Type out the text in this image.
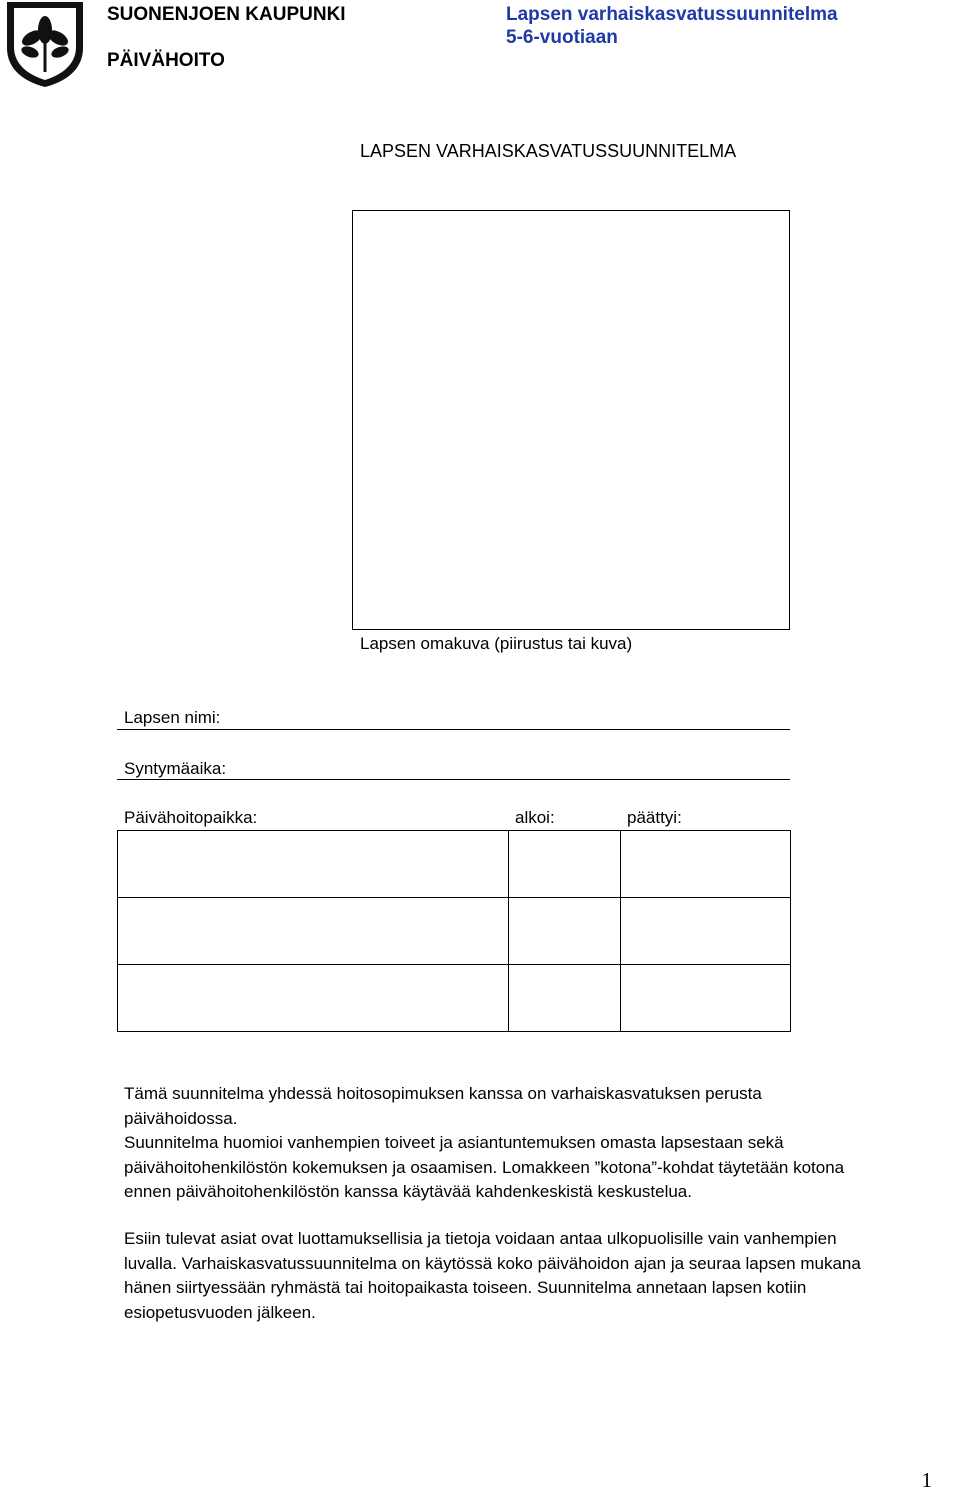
SUONENJOEN KAUPUNKI
PÄIVÄHOITO
Lapsen varhaiskasvatussuunnitelma
5-6-vuotiaan
LAPSEN VARHAISKASVATUSSUUNNITELMA
Lapsen omakuva (piirustus tai kuva)
Lapsen nimi:
Syntymäaika:
Päivähoitopaikka:	alkoi:	päättyi:

Tämä suunnitelma yhdessä hoitosopimuksen kanssa on varhaiskasvatuksen perusta
päivähoidossa.
Suunnitelma huomioi vanhempien toiveet ja asiantuntemuksen omasta lapsestaan sekä
päivähoitohenkilöstön kokemuksen ja osaamisen. Lomakkeen ”kotona”-kohdat täytetään kotona
ennen päivähoitohenkilöstön kanssa käytävää kahdenkeskistä keskustelua.
Esiin tulevat asiat ovat luottamuksellisia ja tietoja voidaan antaa ulkopuolisille vain vanhempien
luvalla. Varhaiskasvatussuunnitelma on käytössä koko päivähoidon ajan ja seuraa lapsen mukana
hänen siirtyessään ryhmästä tai hoitopaikasta toiseen. Suunnitelma annetaan lapsen kotiin
esiopetusvuoden jälkeen.
1
